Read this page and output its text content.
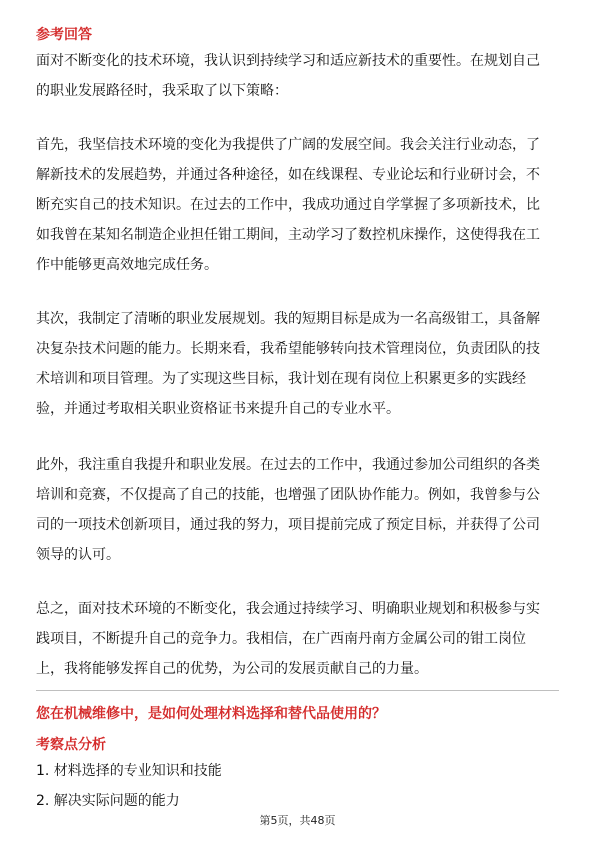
参考回答
面对不断变化的技术环境，我认识到持续学习和适应新技术的重要性。在规划自己
的职业发展路径时，我采取了以下策略：
首先，我坚信技术环境的变化为我提供了广阔的发展空间。我会关注行业动态，了
解新技术的发展趋势，并通过各种途径，如在线课程、专业论坛和行业研讨会，不
断充实自己的技术知识。在过去的工作中，我成功通过自学掌握了多项新技术，比
如我曾在某知名制造企业担任钳工期间，主动学习了数控机床操作，这使得我在工
作中能够更高效地完成任务。
其次，我制定了清晰的职业发展规划。我的短期目标是成为一名高级钳工，具备解
决复杂技术问题的能力。长期来看，我希望能够转向技术管理岗位，负责团队的技
术培训和项目管理。为了实现这些目标，我计划在现有岗位上积累更多的实践经
验，并通过考取相关职业资格证书来提升自己的专业水平。
此外，我注重自我提升和职业发展。在过去的工作中，我通过参加公司组织的各类
培训和竞赛，不仅提高了自己的技能，也增强了团队协作能力。例如，我曾参与公
司的一项技术创新项目，通过我的努力，项目提前完成了预定目标，并获得了公司
领导的认可。
总之，面对技术环境的不断变化，我会通过持续学习、明确职业规划和积极参与实
践项目，不断提升自己的竞争力。我相信，在广西南丹南方金属公司的钳工岗位
上，我将能够发挥自己的优势，为公司的发展贡献自己的力量。
您在机械维修中，是如何处理材料选择和替代品使用的？
考察点分析
1. 材料选择的专业知识和技能
2. 解决实际问题的能力
第5页，共48页
